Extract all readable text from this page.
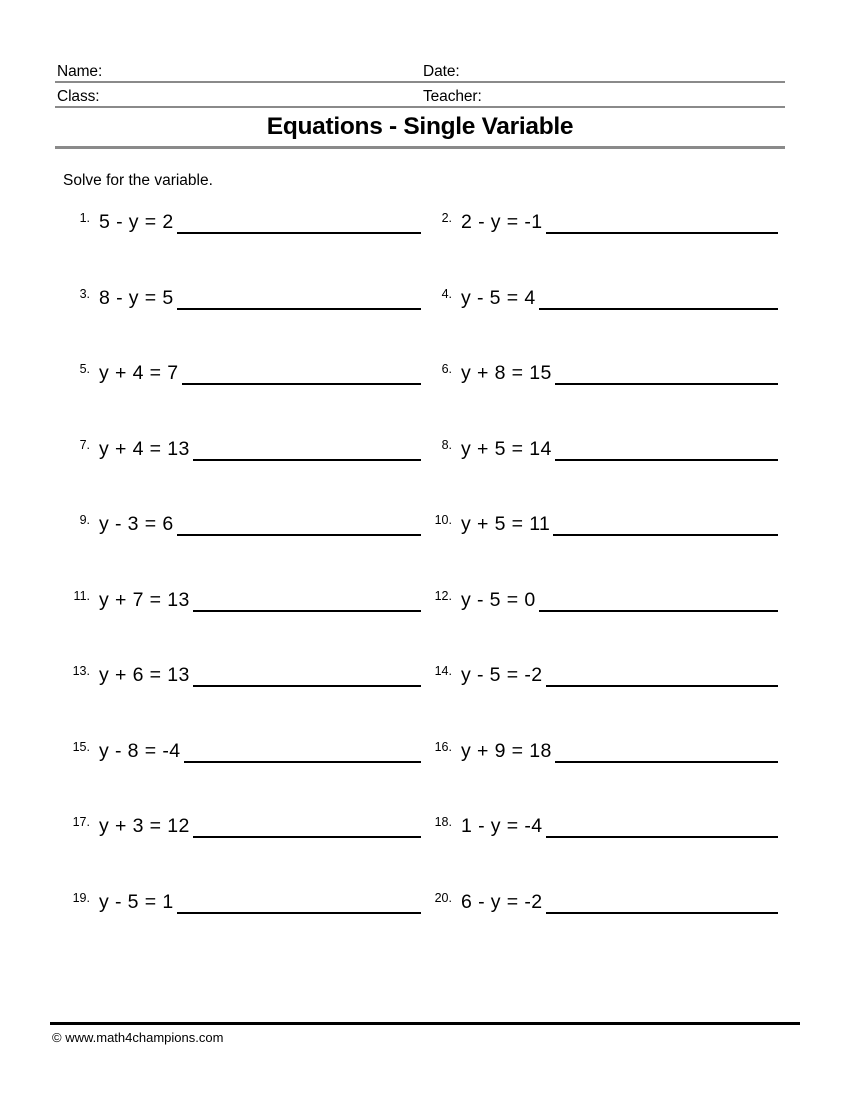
Name:	Date:
Class:	Teacher:
Equations - Single Variable
Solve for the variable.
1. 5 - y = 2	2. 2 - y = -1
3. 8 - y = 5	4. y - 5 = 4
5. y + 4 = 7	6. y + 8 = 15
7. y + 4 = 13	8. y + 5 = 14
9. y - 3 = 6	10. y + 5 = 11
11. y + 7 = 13	12. y - 5 = 0
13. y + 6 = 13	14. y - 5 = -2
15. y - 8 = -4	16. y + 9 = 18
17. y + 3 = 12	18. 1 - y = -4
19. y - 5 = 1	20. 6 - y = -2
© www.math4champions.com
